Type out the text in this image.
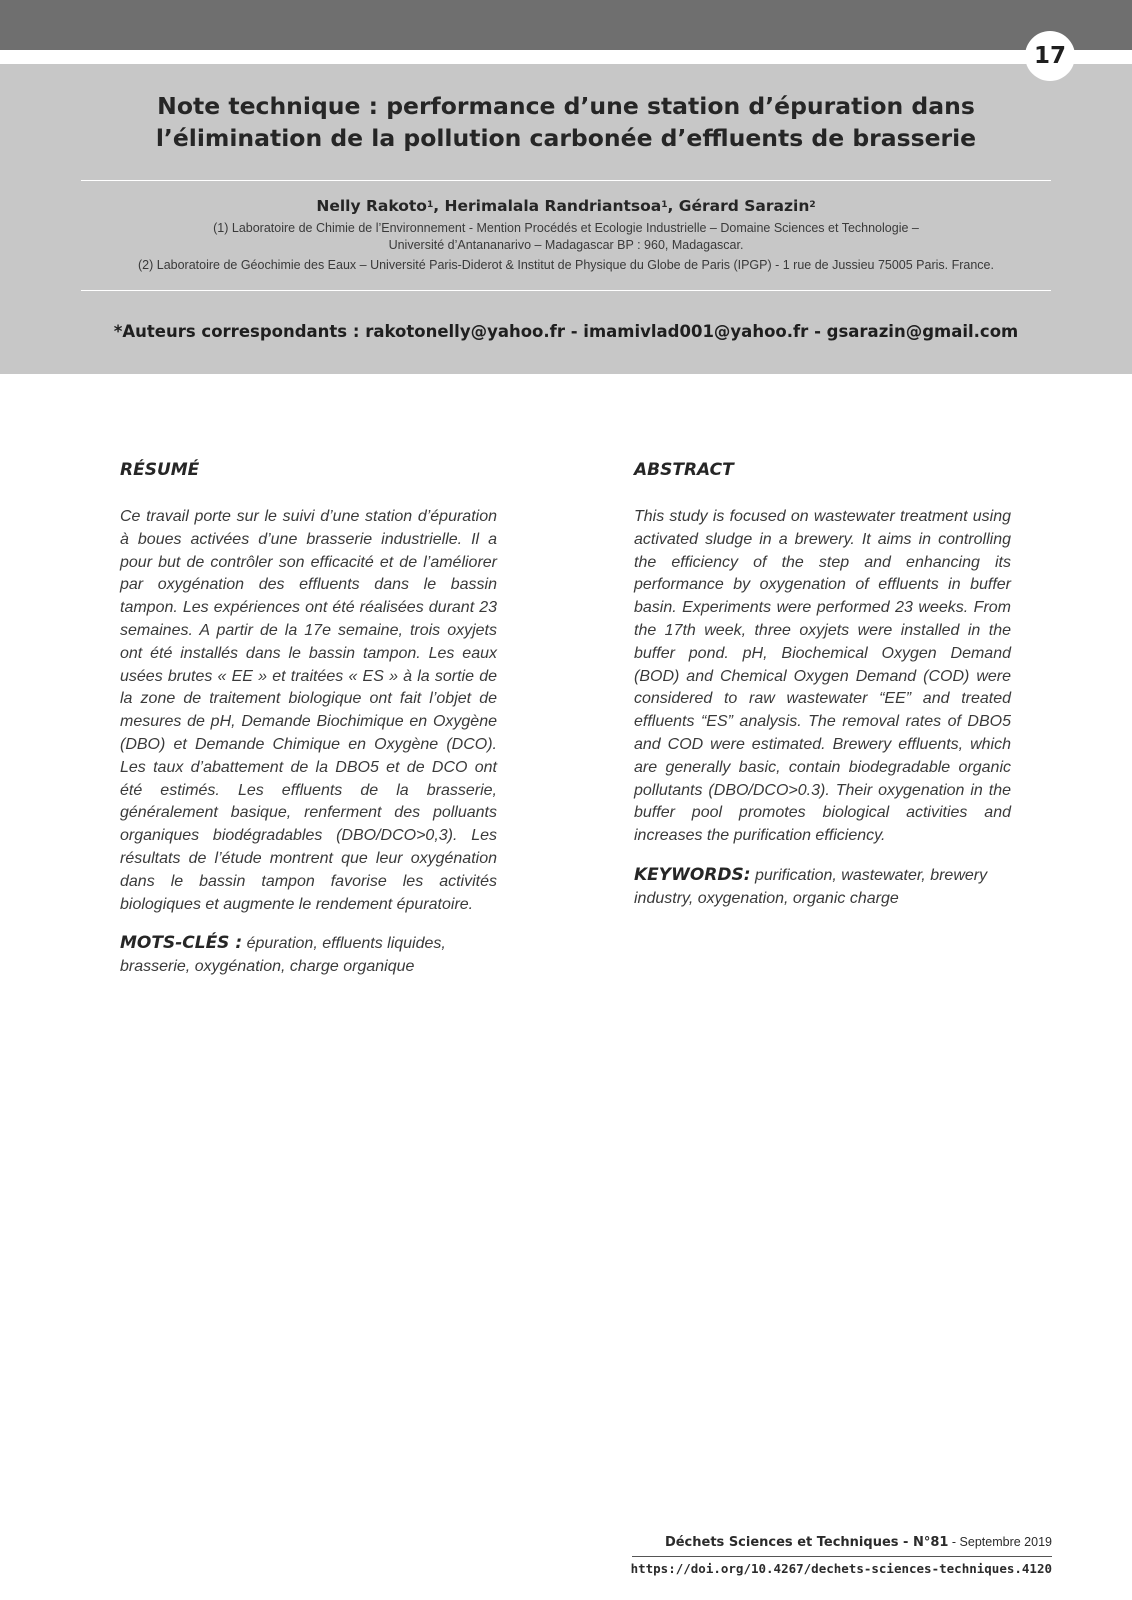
17
Note technique : performance d’une station d’épuration dans
l’élimination de la pollution carbonée d’effluents de brasserie
Nelly Rakoto$^1$, Herimalala Randriantsoa$^1$, Gérard Sarazin$^2$
(1) Laboratoire de Chimie de l’Environnement - Mention Procédés et Ecologie Industrielle – Domaine Sciences et Technologie –
Université d’Antananarivo – Madagascar BP : 960, Madagascar.
(2) Laboratoire de Géochimie des Eaux – Université Paris-Diderot & Institut de Physique du Globe de Paris (IPGP) - 1 rue de Jussieu 75005 Paris. France.
*Auteurs correspondants : rakotonelly@yahoo.fr - imamivlad001@yahoo.fr - gsarazin@gmail.com
RÉSUMÉ

Ce travail porte sur le suivi d’une station d’épuration à boues activées d’une brasserie industrielle. Il a pour but de contrôler son efficacité et de l’améliorer par oxygénation des effluents dans le bassin tampon. Les expériences ont été réalisées durant 23 semaines. A partir de la 17e semaine, trois oxyjets ont été installés dans le bassin tampon. Les eaux usées brutes « EE » et traitées « ES » à la sortie de la zone de traitement biologique ont fait l’objet de mesures de pH, Demande Biochimique en Oxygène (DBO) et Demande Chimique en Oxygène (DCO). Les taux d’abattement de la DBO5 et de DCO ont été estimés. Les effluents de la brasserie, généralement basique, renferment des polluants organiques biodégradables (DBO/DCO>0,3). Les résultats de l’étude montrent que leur oxygénation dans le bassin tampon favorise les activités biologiques et augmente le rendement épuratoire.

MOTS-CLÉS : épuration, effluents liquides, brasserie, oxygénation, charge organique

ABSTRACT

This study is focused on wastewater treatment using activated sludge in a brewery. It aims in controlling the efficiency of the step and enhancing its performance by oxygenation of effluents in buffer basin. Experiments were performed 23 weeks. From the 17th week, three oxyjets were installed in the buffer pond. pH, Biochemical Oxygen Demand (BOD) and Chemical Oxygen Demand (COD) were considered to raw wastewater “EE” and treated effluents “ES” analysis. The removal rates of DBO5 and COD were estimated. Brewery effluents, which are generally basic, contain biodegradable organic pollutants (DBO/DCO>0.3). Their oxygenation in the buffer pool promotes biological activities and increases the purification efficiency.

KEYWORDS: purification, wastewater, brewery industry, oxygenation, organic charge

Déchets Sciences et Techniques - N°81 - Septembre 2019
https://doi.org/10.4267/dechets-sciences-techniques.4120
